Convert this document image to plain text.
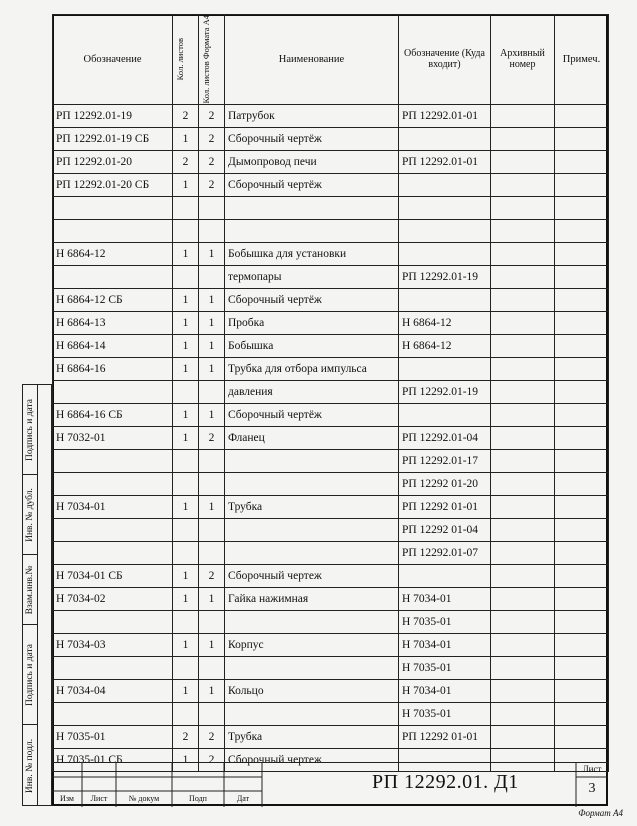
Обозначение	Кол. листов	Кол. листов Формата А4	Наименование	Обозначение (Куда входит)	Архивный номер	Примеч.
РП 12292.01-19	2	2	Патрубок	РП 12292.01-01		
РП 12292.01-19 СБ	1	2	Сборочный чертёж			
РП 12292.01-20	2	2	Дымопровод печи	РП 12292.01-01		
РП 12292.01-20 СБ	1	2	Сборочный чертёж			

Н 6864-12	1	1	Бобышка для установки			
			термопары	РП 12292.01-19		
Н 6864-12 СБ	1	1	Сборочный чертёж			
Н 6864-13	1	1	Пробка	Н 6864-12		
Н 6864-14	1	1	Бобышка	Н 6864-12		
Н 6864-16	1	1	Трубка для отбора импульса			
			давления	РП 12292.01-19		
Н 6864-16 СБ	1	1	Сборочный чертёж			
Н 7032-01	1	2	Фланец	РП 12292.01-04		
				РП 12292.01-17		
				РП 12292 01-20		
Н 7034-01	1	1	Трубка	РП 12292 01-01		
				РП 12292 01-04		
				РП 12292.01-07		
Н 7034-01 СБ	1	2	Сборочный чертеж			
Н 7034-02	1	1	Гайка нажимная	Н 7034-01		
				Н 7035-01		
Н 7034-03	1	1	Корпус	Н 7034-01		
				Н 7035-01		
Н 7034-04	1	1	Кольцо	Н 7034-01		
				Н 7035-01		
Н 7035-01	2	2	Трубка	РП 12292 01-01		
Н 7035-01 СБ	1	2	Сборочный чертеж			
Подпись и дата
Инв. № дубл.
Взам.инв.№
Подпись и дата
Инв. № подл.
Изм	Лист	№ докум	Подп	Дат
РП 12292.01. Д1
Лист
3
Формат А4
